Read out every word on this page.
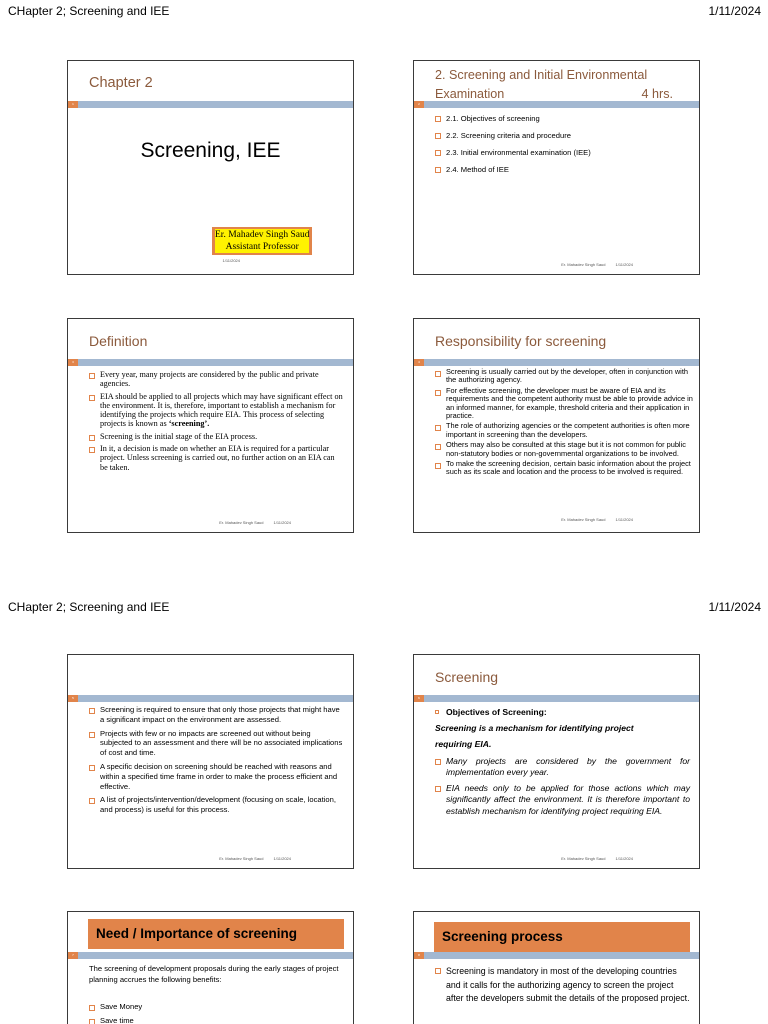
CHapter 2; Screening and IEE	1/11/2024
Chapter 2
1
Screening, IEE
Er. Mahadev Singh Saud
Assistant Professor
1/11/2024
2. Screening and Initial Environmental
Examination	4 hrs.
2
2.1. Objectives of screening
2.2. Screening criteria and procedure
2.3. Initial environmental examination (IEE)
2.4. Method of IEE
Er. Mahadev Singh Saud	1/11/2024
Definition
3
Every year, many projects are considered by the public and private agencies.
EIA should be applied to all projects which may have significant effect on the environment. It is, therefore, important to establish a mechanism for identifying the projects which require EIA. This process of selecting projects is known as ‘screening’.
Screening is the initial stage of the EIA process.
In it, a decision is made on whether an EIA is required for a particular project. Unless screening is carried out, no further action on an EIA can be taken.
Er. Mahadev Singh Saud	1/11/2024
Responsibility for screening
4
Screening is usually carried out by the developer, often in conjunction with the authorizing agency.
For effective screening, the developer must be aware of EIA and its requirements and the competent authority must be able to provide advice in an informed manner, for example, threshold criteria and their application in practice.
The role of authorizing agencies or the competent authorities is often more important in screening than the developers.
Others may also be consulted at this stage but it is not common for public non-statutory bodies or non-governmental organizations to be involved.
To make the screening decision, certain basic information about the project such as its scale and location and the process to be involved is required.
Er. Mahadev Singh Saud	1/11/2024
CHapter 2; Screening and IEE	1/11/2024
5
Screening is required to ensure that only those projects that might have a significant impact on the environment are assessed.
Projects with few or no impacts are screened out without being subjected to an assessment and there will be no associated implications of cost and time.
A specific decision on screening should be reached with reasons and within a specified time frame in order to make the process efficient and effective.
A list of projects/intervention/development (focusing on scale, location, and process) is useful for this process.
Er. Mahadev Singh Saud	1/11/2024
Screening
6
Objectives of Screening:
Screening is a mechanism for identifying project
requiring EIA.
Many projects are considered by the government for implementation every year.
EIA needs only to be applied for those actions which may significantly affect the environment. It is therefore important to establish mechanism for identifying project requiring EIA.
Er. Mahadev Singh Saud	1/11/2024
Need / Importance of screening
7
The screening of development proposals during the early stages of project planning accrues the following benefits:
Save Money
Save time
Screening process
8
Screening is mandatory in most of the developing countries and it calls for the authorizing agency to screen the project after the developers submit the details of the proposed project.
